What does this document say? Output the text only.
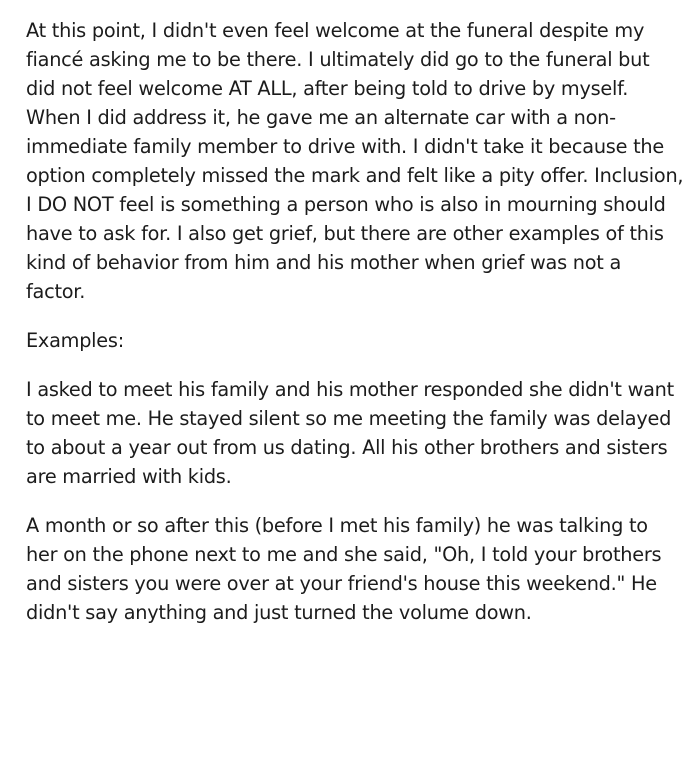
At this point, I didn't even feel welcome at the funeral despite my fiancé asking me to be there. I ultimately did go to the funeral but did not feel welcome AT ALL, after being told to drive by myself. When I did address it, he gave me an alternate car with a non-immediate family member to drive with. I didn't take it because the option completely missed the mark and felt like a pity offer. Inclusion, I DO NOT feel is something a person who is also in mourning should have to ask for. I also get grief, but there are other examples of this kind of behavior from him and his mother when grief was not a factor.

Examples:

I asked to meet his family and his mother responded she didn't want to meet me. He stayed silent so me meeting the family was delayed to about a year out from us dating. All his other brothers and sisters are married with kids.

A month or so after this (before I met his family) he was talking to her on the phone next to me and she said, "Oh, I told your brothers and sisters you were over at your friend's house this weekend." He didn't say anything and just turned the volume down.
